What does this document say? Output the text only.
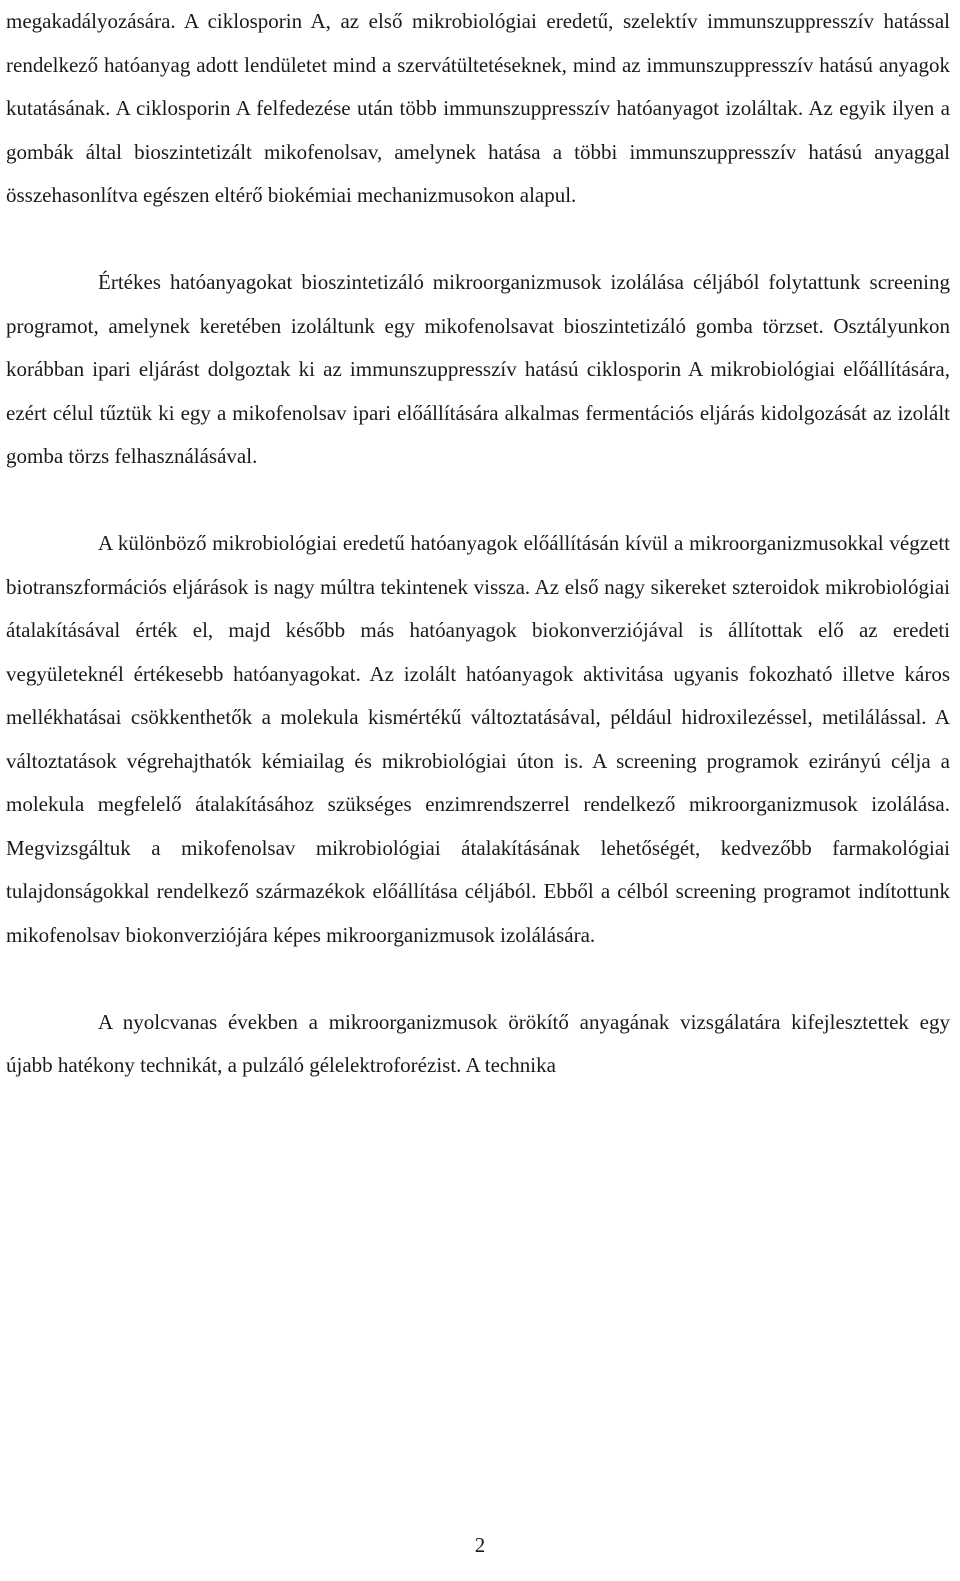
megakadályozására. A ciklosporin A, az első mikrobiológiai eredetű, szelektív immunszuppresszív hatással rendelkező hatóanyag adott lendületet mind a szervátültetéseknek, mind az immunszuppresszív hatású anyagok kutatásának. A ciklosporin A felfedezése után több immunszuppresszív hatóanyagot izoláltak. Az egyik ilyen a gombák által bioszintetizált mikofenolsav, amelynek hatása a többi immunszuppresszív hatású anyaggal összehasonlítva egészen eltérő biokémiai mechanizmusokon alapul.

Értékes hatóanyagokat bioszintetizáló mikroorganizmusok izolálása céljából folytattunk screening programot, amelynek keretében izoláltunk egy mikofenolsavat bioszintetizáló gomba törzset. Osztályunkon korábban ipari eljárást dolgoztak ki az immunszuppresszív hatású ciklosporin A mikrobiológiai előállítására, ezért célul tűztük ki egy a mikofenolsav ipari előállítására alkalmas fermentációs eljárás kidolgozását az izolált gomba törzs felhasználásával.

A különböző mikrobiológiai eredetű hatóanyagok előállításán kívül a mikroorganizmusokkal végzett biotranszformációs eljárások is nagy múltra tekintenek vissza. Az első nagy sikereket szteroidok mikrobiológiai átalakításával érték el, majd később más hatóanyagok biokonverziójával is állítottak elő az eredeti vegyületeknél értékesebb hatóanyagokat. Az izolált hatóanyagok aktivitása ugyanis fokozható illetve káros mellékhatásai csökkenthetők a molekula kismértékű változtatásával, például hidroxilezéssel, metilálással. A változtatások végrehajthatók kémiailag és mikrobiológiai úton is. A screening programok ezirányú célja a molekula megfelelő átalakításához szükséges enzimrendszerrel rendelkező mikroorganizmusok izolálása. Megvizsgáltuk a mikofenolsav mikrobiológiai átalakításának lehetőségét, kedvezőbb farmakológiai tulajdonságokkal rendelkező származékok előállítása céljából. Ebből a célból screening programot indítottunk mikofenolsav biokonverziójára képes mikroorganizmusok izolálására.

A nyolcvanas években a mikroorganizmusok örökítő anyagának vizsgálatára kifejlesztettek egy újabb hatékony technikát, a pulzáló gélelektroforézist. A technika

2
